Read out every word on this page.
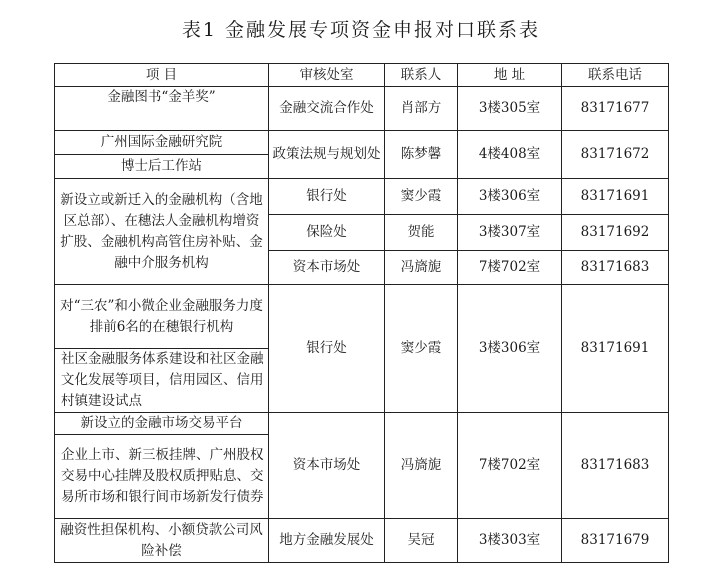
表1 金融发展专项资金申报对口联系表
项 目	审核处室	联系人	地 址	联系电话
金融图书“金羊奖”	金融交流合作处	肖部方	3楼305室	83171677
广州国际金融研究院	政策法规与规划处	陈梦馨	4楼408室	83171672
博士后工作站				
新设立或新迁入的金融机构（含地区总部）、在穗法人金融机构增资扩股、金融机构高管住房补贴、金融中介服务机构	银行处	窦少霞	3楼306室	83171691
	保险处	贺能	3楼307室	83171692
	资本市场处	冯旖旎	7楼702室	83171683
对“三农”和小微企业金融服务力度排前6名的在穗银行机构	银行处	窦少霞	3楼306室	83171691
社区金融服务体系建设和社区金融文化发展等项目，信用园区、信用村镇建设试点				
新设立的金融市场交易平台	资本市场处	冯旖旎	7楼702室	83171683
企业上市、新三板挂牌、广州股权交易中心挂牌及股权质押贴息、交易所市场和银行间市场新发行债券				
融资性担保机构、小额贷款公司风险补偿	地方金融发展处	吴冠	3楼303室	83171679
